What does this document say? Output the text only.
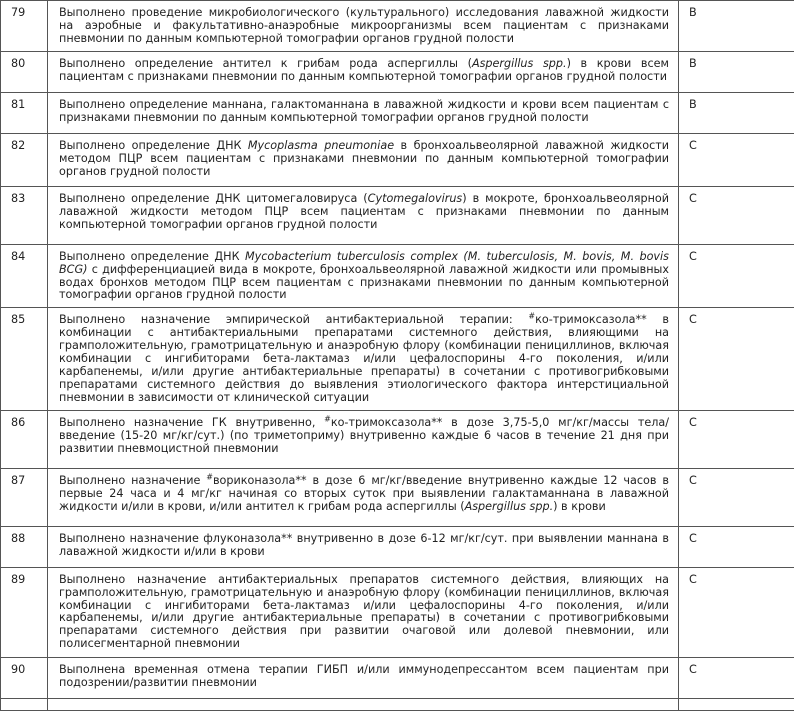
79	Выполнено проведение микробиологического (культурального) исследования лаважной жидкости на аэробные и факультативно-анаэробные микроорганизмы всем пациентам с признаками пневмонии по данным компьютерной томографии органов грудной полости	B
80	Выполнено определение антител к грибам рода аспергиллы (Aspergillus spp.) в крови всем пациентам с признаками пневмонии по данным компьютерной томографии органов грудной полости	B
81	Выполнено определение маннана, галактоманнана в лаважной жидкости и крови всем пациентам с признаками пневмонии по данным компьютерной томографии органов грудной полости	B
82	Выполнено определение ДНК Mycoplasma pneumoniae в бронхоальвеолярной лаважной жидкости методом ПЦР всем пациентам с признаками пневмонии по данным компьютерной томографии органов грудной полости	C
83	Выполнено определение ДНК цитомегаловируса (Cytomegalovirus) в мокроте, бронхоальвеолярной лаважной жидкости методом ПЦР всем пациентам с признаками пневмонии по данным компьютерной томографии органов грудной полости	C
84	Выполнено определение ДНК Mycobacterium tuberculosis complex (M. tuberculosis, M. bovis, M. bovis BCG) с дифференциацией вида в мокроте, бронхоальвеолярной лаважной жидкости или промывных водах бронхов методом ПЦР всем пациентам с признаками пневмонии по данным компьютерной томографии органов грудной полости	C
85	Выполнено назначение эмпирической антибактериальной терапии: #ко-тримоксазола** в комбинации с антибактериальными препаратами системного действия, влияющими на грамположительную, грамотрицательную и анаэробную флору (комбинации пенициллинов, включая комбинации с ингибиторами бета-лактамаз и/или цефалоспорины 4-го поколения, и/или карбапенемы, и/или другие антибактериальные препараты) в сочетании с противогрибковыми препаратами системного действия до выявления этиологического фактора интерстициальной пневмонии в зависимости от клинической ситуации	C
86	Выполнено назначение ГК внутривенно, #ко-тримоксазола** в дозе 3,75-5,0 мг/кг/массы тела/введение (15-20 мг/кг/сут.) (по триметоприму) внутривенно каждые 6 часов в течение 21 дня при развитии пневмоцистной пневмонии	C
87	Выполнено назначение #вориконазола** в дозе 6 мг/кг/введение внутривенно каждые 12 часов в первые 24 часа и 4 мг/кг начиная со вторых суток при выявлении галактаманнана в лаважной жидкости и/или в крови, и/или антител к грибам рода аспергиллы (Aspergillus spp.) в крови	C
88	Выполнено назначение флуконазола** внутривенно в дозе 6-12 мг/кг/сут. при выявлении маннана в лаважной жидкости и/или в крови	C
89	Выполнено назначение антибактериальных препаратов системного действия, влияющих на грамположительную, грамотрицательную и анаэробную флору (комбинации пенициллинов, включая комбинации с ингибиторами бета-лактамаз и/или цефалоспорины 4-го поколения, и/или карбапенемы, и/или другие антибактериальные препараты) в сочетании с противогрибковыми препаратами системного действия при развитии очаговой или долевой пневмонии, или полисегментарной пневмонии	C
90	Выполнена временная отмена терапии ГИБП и/или иммунодепрессантом всем пациентам при подозрении/развитии пневмонии	C
